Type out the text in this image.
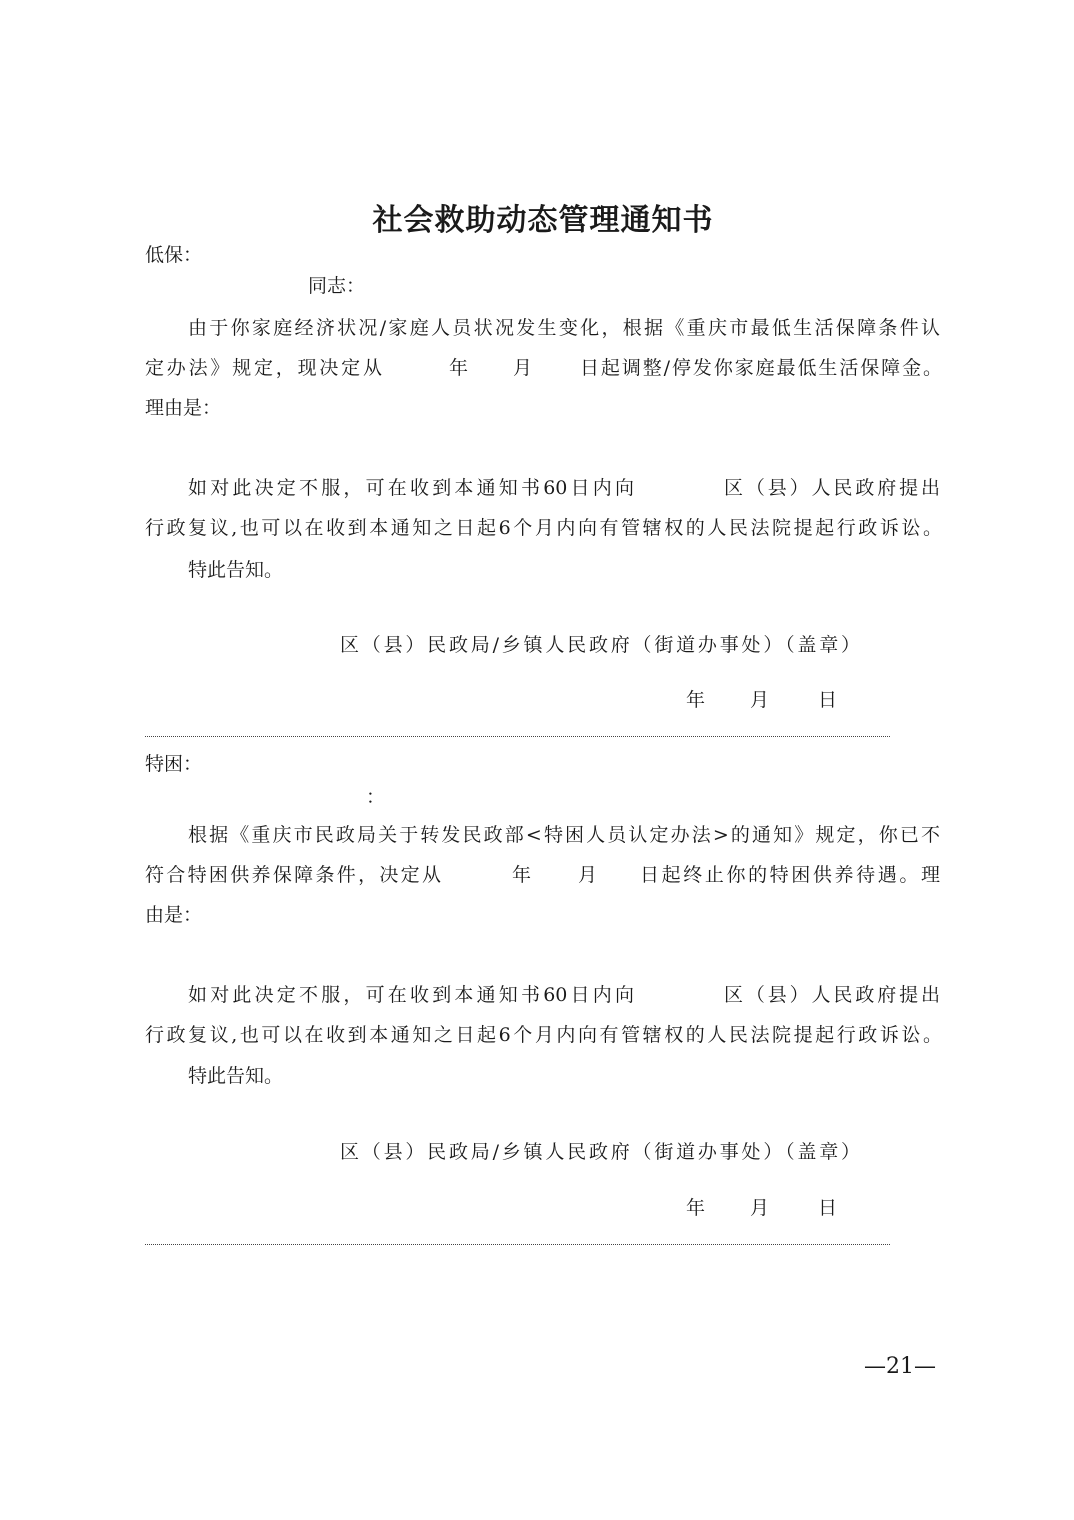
社会救助动态管理通知书
低保：
同志：
由于你家庭经济状况/家庭人员状况发生变化，根据《重庆市最低生活保障条件认
定办法》规定，现决定从	年 月	日起调整/停发你家庭最低生活保障金。
理由是：
如对此决定不服，可在收到本通知书60日内向	区（县）人民政府提出
行政复议,也可以在收到本通知之日起6个月内向有管辖权的人民法院提起行政诉讼。
特此告知。
区（县）民政局/乡镇人民政府（街道办事处）（盖章）
年 月	日
特困：
：
根据《重庆市民政局关于转发民政部<特困人员认定办法>的通知》规定，你已不
符合特困供养保障条件，决定从	年 月 日起终止你的特困供养待遇。理
由是：
如对此决定不服，可在收到本通知书60日内向	区（县）人民政府提出
行政复议,也可以在收到本通知之日起6个月内向有管辖权的人民法院提起行政诉讼。
特此告知。
区（县）民政局/乡镇人民政府（街道办事处）（盖章）
年 月	日
—21—
